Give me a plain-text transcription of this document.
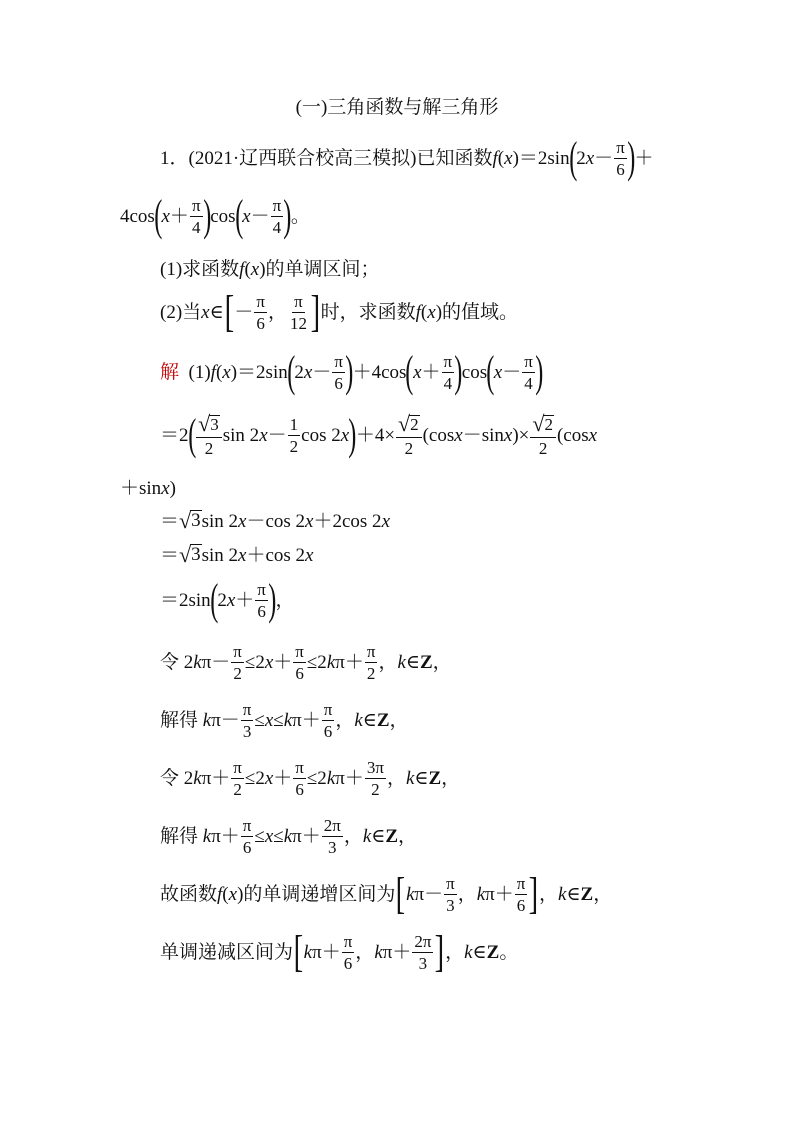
(一)三角函数与解三角形
1． (2021·辽西联合校高三模拟) 已知函数 f ( x )＝2sin ( 2 $x - \frac{\pi}{6}$ ) ＋
4cos ( $x + \frac{\pi}{4}$ ) cos ( $x - \frac{\pi}{4}$ ) 。
(1) 求函数 f ( x ) 的单调区间；
(2) 当 x ∈ [ － $\frac{\pi}{6}$ ， $\frac{\pi}{12}$ ] 时，求函数 f ( x ) 的值域。
解 (1) f ( x )＝2sin ( 2 $x - \frac{\pi}{6}$ ) ＋4cos ( $x + \frac{\pi}{4}$ ) cos ( $x - \frac{\pi}{4}$ )
＝2 ( $\frac{√ 3}{2}$ sin 2 $x - \frac{1}{2}$ cos 2 x ) $+4\times \frac{√ 2}{2} (\cos$ x －sin x )× $\frac{√ 2}{2} (\cos$ x
＋sin x )
＝ √ 3 sin 2 x －cos 2 x ＋2cos 2 x
＝ √ 3 sin 2 x ＋cos 2 x
＝2sin ( 2 $x + \frac{\pi}{6}$ ) ，
令 2 k $\pi- \frac{\pi}{2} \le 2$ $x + \frac{\pi}{6} \le 2$ k $\pi+ \frac{\pi}{2}$ ， k ∈ Z ，
解得
k $\pi- \frac{\pi}{3} \le x \le k$ $\pi+ \frac{\pi}{6}$ ， k ∈ Z ，
令 2 k $\pi+ \frac{\pi}{2} \le 2$ $x + \frac{\pi}{6} \le 2$ k $\pi+ \frac{3\pi}{2}$ ， k ∈ Z ，
解得
k $\pi+ \frac{\pi}{6} \le x \le k$ $\pi+ \frac{2\pi}{3}$ ， k ∈ Z ，
故函数 f ( x ) 的单调递增区间为 [ k $\pi- \frac{\pi}{3}$ ， k $\pi+ \frac{\pi}{6}$ ] ， k ∈ Z ，
单调递减区间为 [ k $\pi+ \frac{\pi}{6}$ ， k $\pi+ \frac{2\pi}{3}$ ] ， k ∈ Z 。
